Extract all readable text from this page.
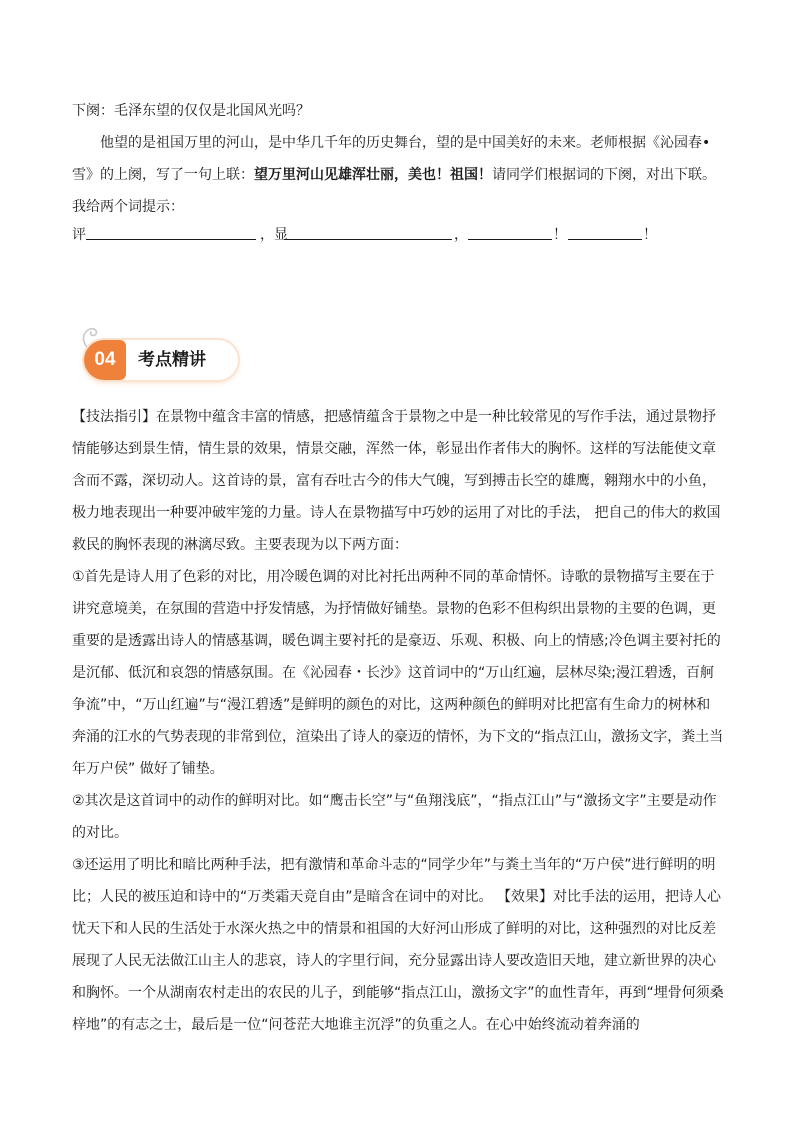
下阕：毛泽东望的仅仅是北国风光吗？

他望的是祖国万里的河山，是中华几千年的历史舞台，望的是中国美好的未来。老师根据《沁园春•雪》的上阕，写了一句上联：望万里河山见雄浑壮丽，美也！祖国！请同学们根据词的下阕，对出下联。我给两个词提示：

评	，显	，	！	！
04	考点精讲

【技法指引】在景物中蕴含丰富的情感，把感情蕴含于景物之中是一种比较常见的写作手法，通过景物抒情能够达到景生情，情生景的效果，情景交融，浑然一体，彰显出作者伟大的胸怀。这样的写法能使文章含而不露，深切动人。这首诗的景，富有吞吐古今的伟大气魄，写到搏击长空的雄鹰，翱翔水中的小鱼，极力地表现出一种要冲破牢笼的力量。诗人在景物描写中巧妙的运用了对比的手法， 把自己的伟大的救国救民的胸怀表现的淋漓尽致。主要表现为以下两方面：

①首先是诗人用了色彩的对比，用冷暖色调的对比衬托出两种不同的革命情怀。诗歌的景物描写主要在于讲究意境美，在氛围的营造中抒发情感，为抒情做好铺垫。景物的色彩不但构织出景物的主要的色调，更重要的是透露出诗人的情感基调，暖色调主要衬托的是豪迈、乐观、积极、向上的情感;冷色调主要衬托的是沉郁、低沉和哀怨的情感氛围。在《沁园春・长沙》这首词中的“万山红遍，层林尽染;漫江碧透，百舸争流”中，“万山红遍”与“漫江碧透”是鲜明的颜色的对比，这两种颜色的鲜明对比把富有生命力的树林和奔涌的江水的气势表现的非常到位，渲染出了诗人的豪迈的情怀，为下文的“指点江山，激扬文字，粪土当年万户侯” 做好了铺垫。

②其次是这首词中的动作的鲜明对比。如“鹰击长空”与“鱼翔浅底”，“指点江山”与“激扬文字”主要是动作的对比。

③还运用了明比和暗比两种手法，把有激情和革命斗志的“同学少年”与粪土当年的“万户侯”进行鲜明的明比；人民的被压迫和诗中的“万类霜天竞自由”是暗含在词中的对比。 【效果】对比手法的运用，把诗人心忧天下和人民的生活处于水深火热之中的情景和祖国的大好河山形成了鲜明的对比，这种强烈的对比反差展现了人民无法做江山主人的悲哀，诗人的字里行间，充分显露出诗人要改造旧天地，建立新世界的决心和胸怀。一个从湖南农村走出的农民的儿子，到能够“指点江山，激扬文字”的血性青年，再到“埋骨何须桑梓地”的有志之士，最后是一位“问苍茫大地谁主沉浮”的负重之人。在心中始终流动着奔涌的
